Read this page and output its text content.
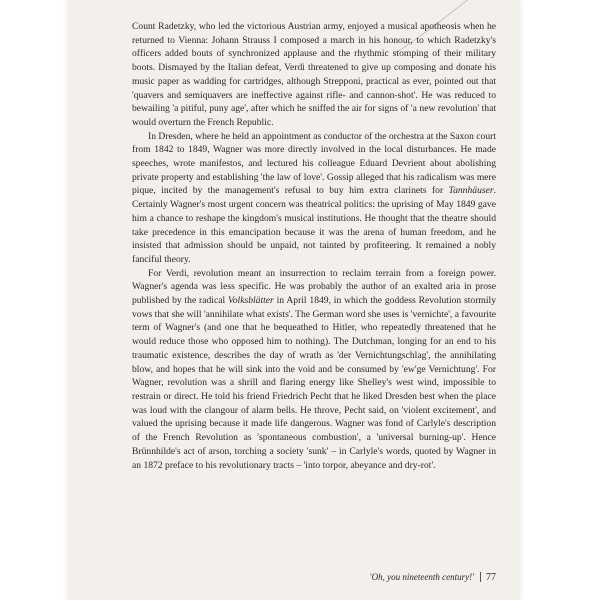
Count Radetzky, who led the victorious Austrian army, enjoyed a musical apotheosis when he returned to Vienna: Johann Strauss I composed a march in his honour, to which Radetzky's officers added bouts of synchronized applause and the rhythmic stomping of their military boots. Dismayed by the Italian defeat, Verdi threatened to give up composing and donate his music paper as wadding for cartridges, although Strepponi, practical as ever, pointed out that 'quavers and semiquavers are ineffective against rifle- and cannon-shot'. He was reduced to bewailing 'a pitiful, puny age', after which he sniffed the air for signs of 'a new revolution' that would overturn the French Republic.

In Dresden, where he held an appointment as conductor of the orchestra at the Saxon court from 1842 to 1849, Wagner was more directly involved in the local disturbances. He made speeches, wrote manifestos, and lectured his colleague Eduard Devrient about abolishing private property and establishing 'the law of love'. Gossip alleged that his radicalism was mere pique, incited by the management's refusal to buy him extra clarinets for Tannhäuser. Certainly Wagner's most urgent concern was theatrical politics: the uprising of May 1849 gave him a chance to reshape the kingdom's musical institutions. He thought that the theatre should take precedence in this emancipation because it was the arena of human freedom, and he insisted that admission should be unpaid, not tainted by profiteering. It remained a nobly fanciful theory.

For Verdi, revolution meant an insurrection to reclaim terrain from a foreign power. Wagner's agenda was less specific. He was probably the author of an exalted aria in prose published by the radical Volksblätter in April 1849, in which the goddess Revolution stormily vows that she will 'annihilate what exists'. The German word she uses is 'vernichte', a favourite term of Wagner's (and one that he bequeathed to Hitler, who repeatedly threatened that he would reduce those who opposed him to nothing). The Dutchman, longing for an end to his traumatic existence, describes the day of wrath as 'der Vernichtungschlag', the annihilating blow, and hopes that he will sink into the void and be consumed by 'ew'ge Vernichtung'. For Wagner, revolution was a shrill and flaring energy like Shelley's west wind, impossible to restrain or direct. He told his friend Friedrich Pecht that he liked Dresden best when the place was loud with the clangour of alarm bells. He throve, Pecht said, on 'violent excitement', and valued the uprising because it made life dangerous. Wagner was fond of Carlyle's description of the French Revolution as 'spontaneous combustion', a 'universal burning-up'. Hence Brünnhilde's act of arson, torching a society 'sunk' – in Carlyle's words, quoted by Wagner in an 1872 preface to his revolutionary tracts – 'into torpor, abeyance and dry-rot'.

'Oh, you nineteenth century!' 77
